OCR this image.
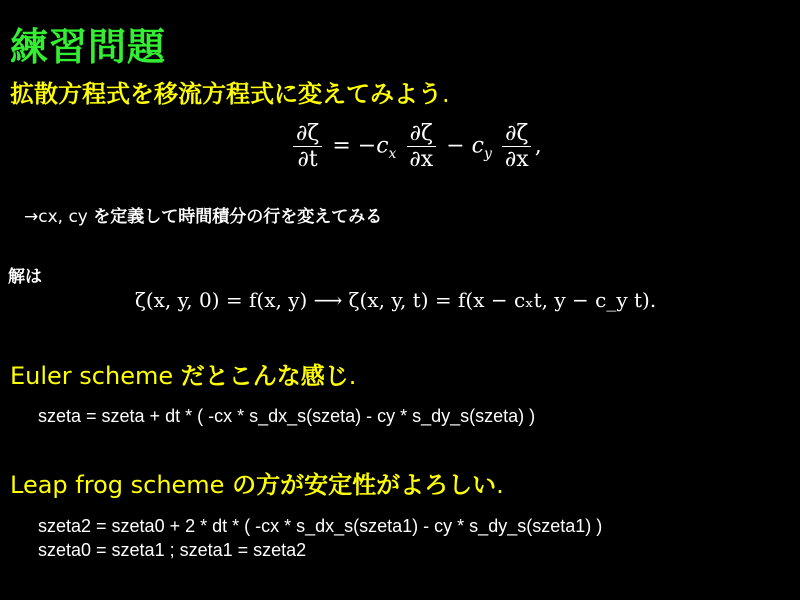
練習問題
拡散方程式を移流方程式に変えてみよう.
$\frac{\partial\zeta}{\partial t} = -c_x \frac{\partial\zeta}{\partial x} - c_y \frac{\partial\zeta}{\partial x}$ ,
→cx, cy を定義して時間積分の行を変えてみる
解は
ζ(x, y, 0) = f(x, y) ⟶ ζ(x, y, t) = f(x − cₓt, y − c_y t).
Euler scheme だとこんな感じ.
szeta = szeta + dt * ( -cx * s_dx_s(szeta) - cy * s_dy_s(szeta) )
Leap frog scheme の方が安定性がよろしい.
szeta2 = szeta0 + 2 * dt * ( -cx * s_dx_s(szeta1) - cy * s_dy_s(szeta1) )
szeta0 = szeta1 ; szeta1 = szeta2
